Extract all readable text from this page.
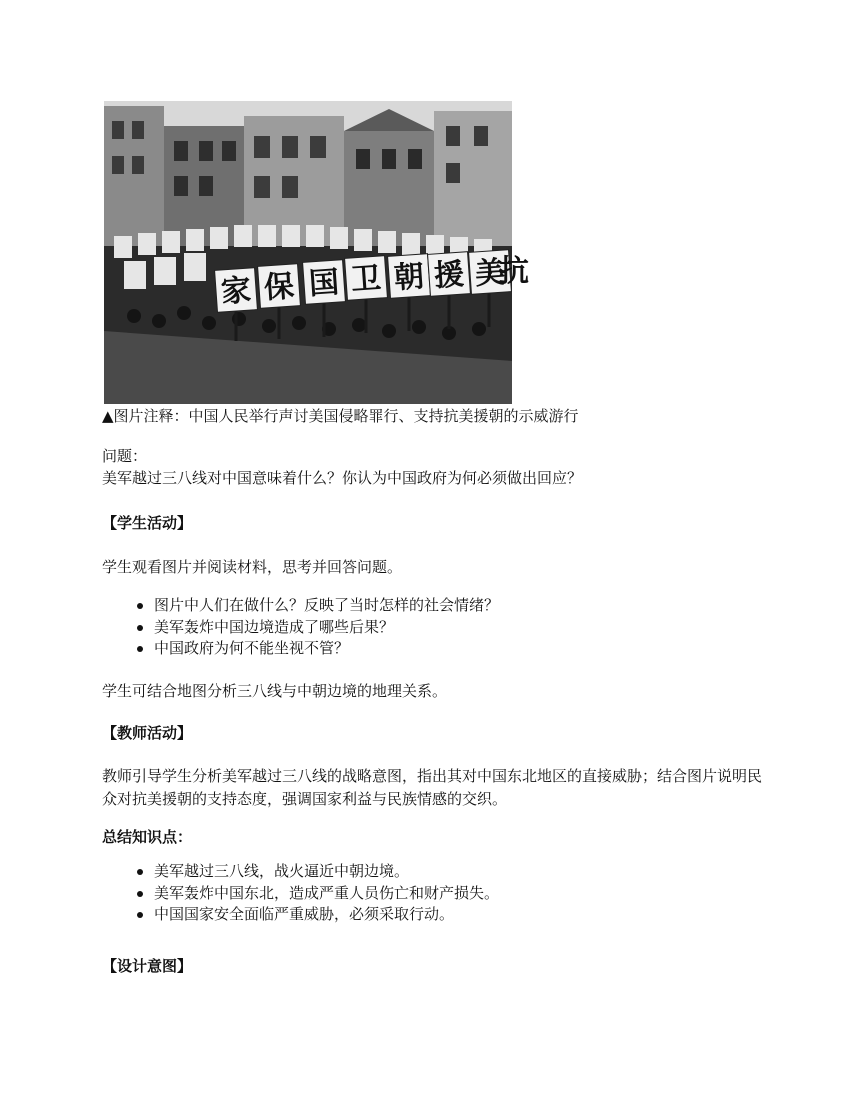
家 保 国 卫 朝 援 美
抗
▲图片注释：中国人民举行声讨美国侵略罪行、支持抗美援朝的示威游行
问题：
美军越过三八线对中国意味着什么？你认为中国政府为何必须做出回应？
【学生活动】
学生观看图片并阅读材料，思考并回答问题。
图片中人们在做什么？反映了当时怎样的社会情绪？
美军轰炸中国边境造成了哪些后果？
中国政府为何不能坐视不管？
学生可结合地图分析三八线与中朝边境的地理关系。
【教师活动】
教师引导学生分析美军越过三八线的战略意图，指出其对中国东北地区的直接威胁；结合图片说明民众对抗美援朝的支持态度，强调国家利益与民族情感的交织。
总结知识点：
美军越过三八线，战火逼近中朝边境。
美军轰炸中国东北，造成严重人员伤亡和财产损失。
中国国家安全面临严重威胁，必须采取行动。
【设计意图】
